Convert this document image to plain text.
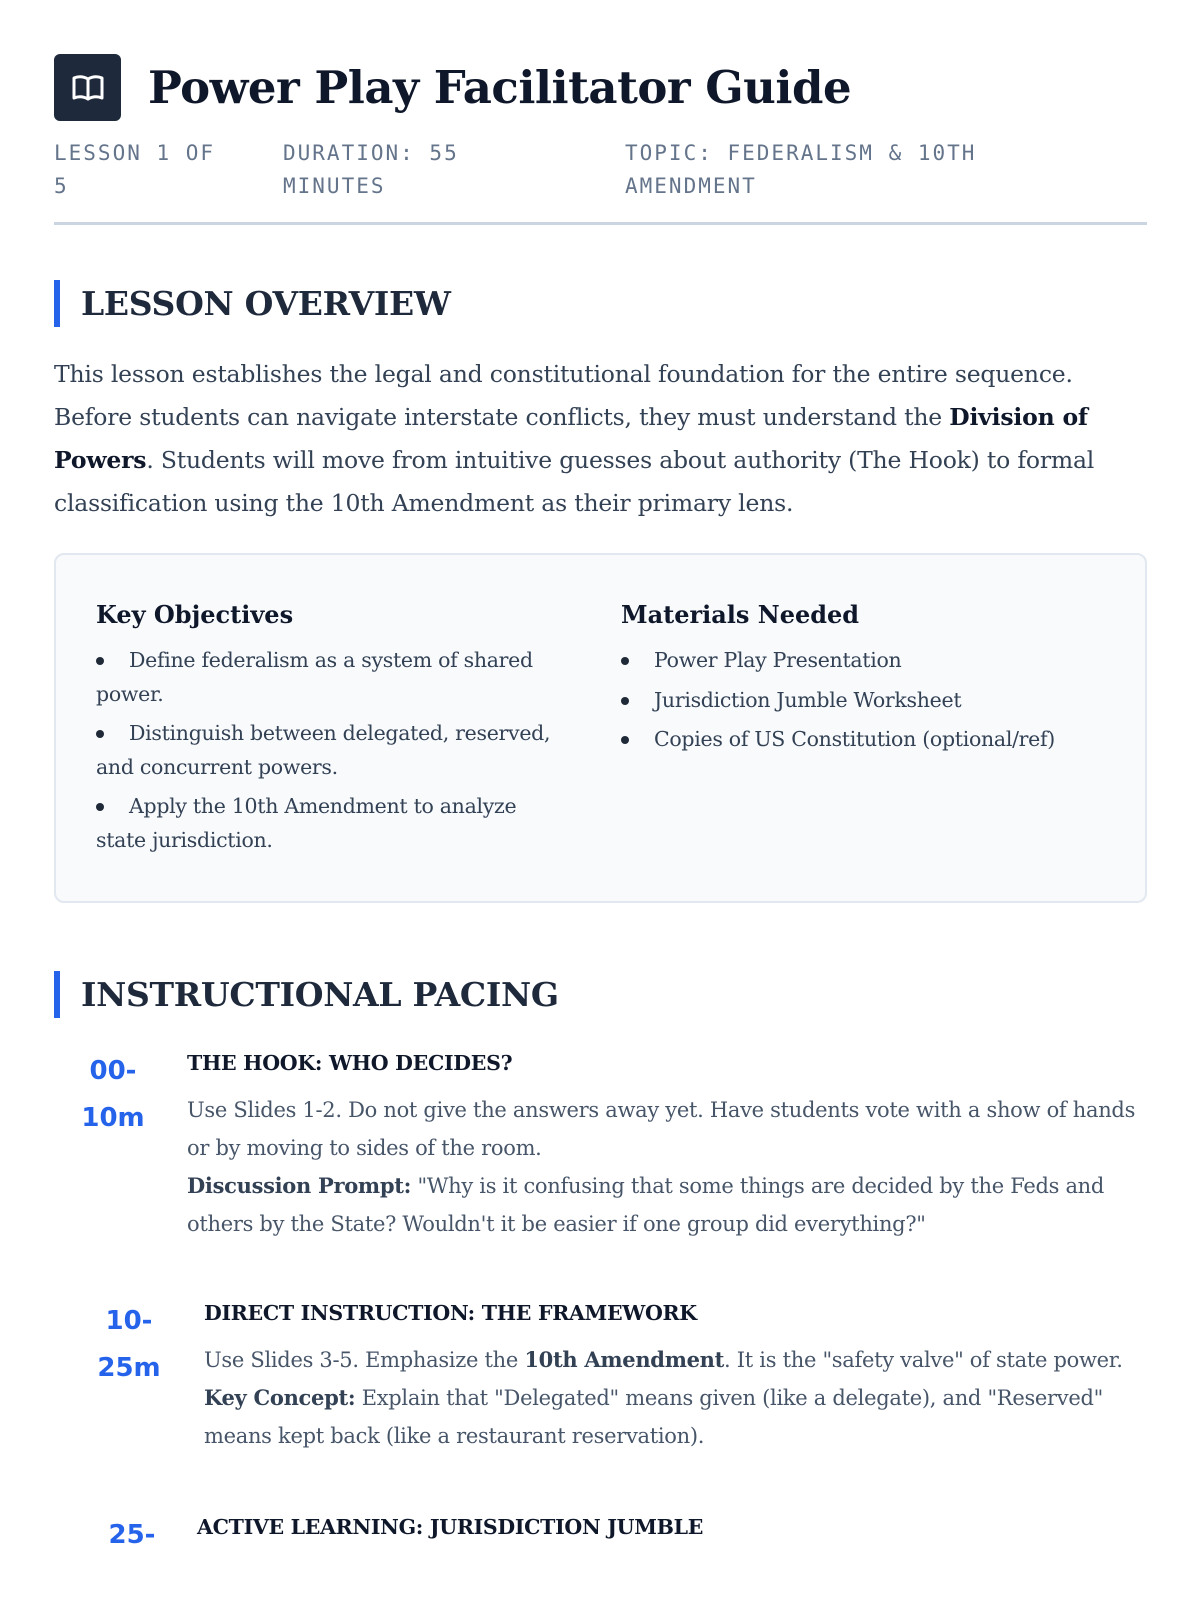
Power Play Facilitator Guide
LESSON 1 OF 5
DURATION: 55 MINUTES
TOPIC: FEDERALISM & 10TH AMENDMENT
LESSON OVERVIEW

This lesson establishes the legal and constitutional foundation for the entire sequence. Before students can navigate interstate conflicts, they must understand the Division of Powers. Students will move from intuitive guesses about authority (The Hook) to formal classification using the 10th Amendment as their primary lens.

Key Objectives
Define federalism as a system of shared power.
Distinguish between delegated, reserved, and concurrent powers.
Apply the 10th Amendment to analyze state jurisdiction.
Materials Needed
Power Play Presentation
Jurisdiction Jumble Worksheet
Copies of US Constitution (optional/ref)
INSTRUCTIONAL PACING
00-
10m
THE HOOK: WHO DECIDES?
Use Slides 1-2. Do not give the answers away yet. Have students vote with a show of hands or by moving to sides of the room.
Discussion Prompt: "Why is it confusing that some things are decided by the Feds and others by the State? Wouldn't it be easier if one group did everything?"
10-
25m
DIRECT INSTRUCTION: THE FRAMEWORK
Use Slides 3-5. Emphasize the 10th Amendment. It is the "safety valve" of state power.
Key Concept: Explain that "Delegated" means given (like a delegate), and "Reserved" means kept back (like a restaurant reservation).
25- ACTIVE LEARNING: JURISDICTION JUMBLE
